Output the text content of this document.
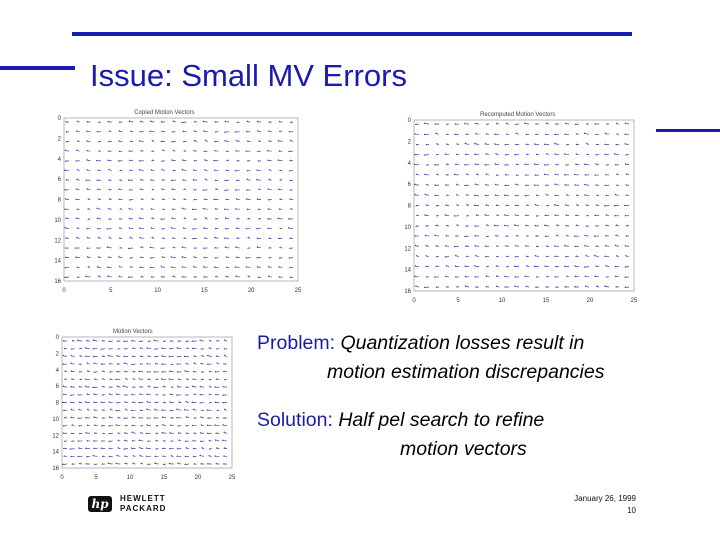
Issue: Small MV Errors
Copied Motion Vectors
0	5	10	15	20	25
0
2
4
6
8
10
12
14
16
Recomputed Motion Vectors
0	5	10	15	20	25
0
2
4
6
8
10
12
14
16
Motion Vectors
0	5	10	15	20	25
0
2
4
6
8
10
12
14
16
Problem: Quantization losses result in
motion estimation discrepancies
Solution: Half pel search to refine
motion vectors
hp	HEWLETT
PACKARD
January 26, 1999
10
